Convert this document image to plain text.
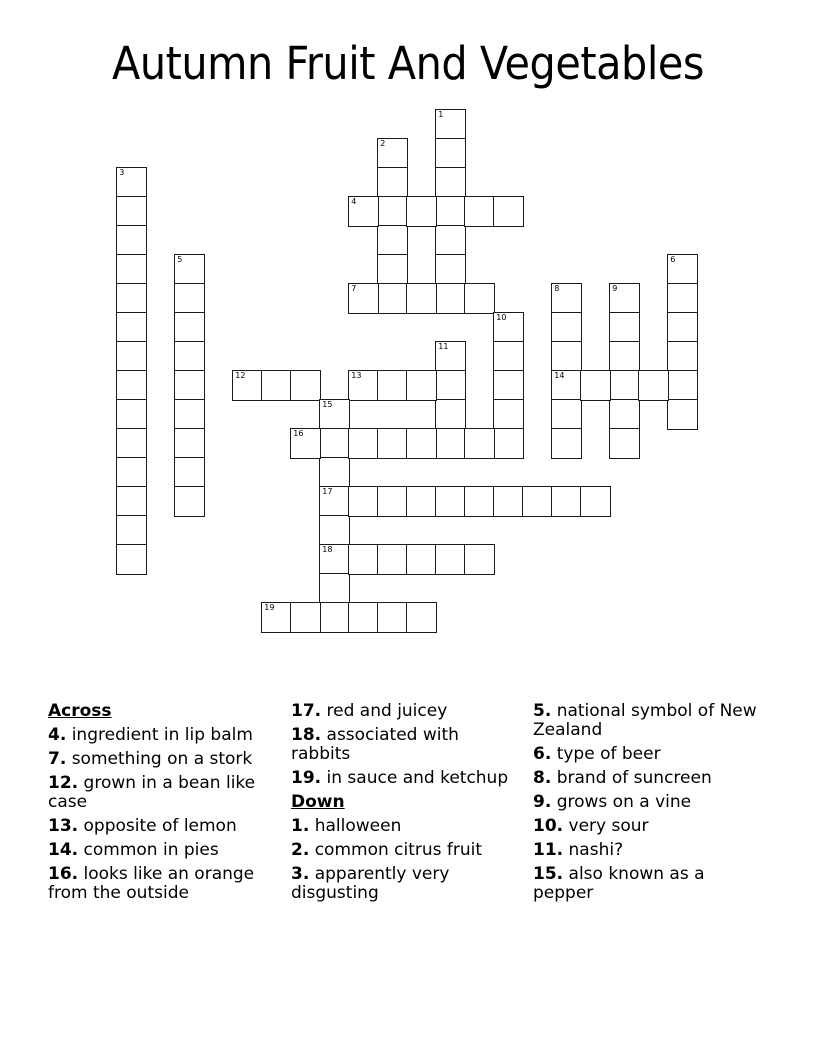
Autumn Fruit And Vegetables
1
2
3
4
5	6
7	8
14
9
10
11
12	13
15
17
18
16
19
Across
4. ingredient in lip balm
7. something on a stork
12. grown in a bean like case
13. opposite of lemon
14. common in pies
16. looks like an orange from the outside
17. red and juicey
18. associated with rabbits
19. in sauce and ketchup
Down
1. halloween
2. common citrus fruit
3. apparently very disgusting
5. national symbol of New Zealand
6. type of beer
8. brand of suncreen
9. grows on a vine
10. very sour
11. nashi?
15. also known as a pepper
